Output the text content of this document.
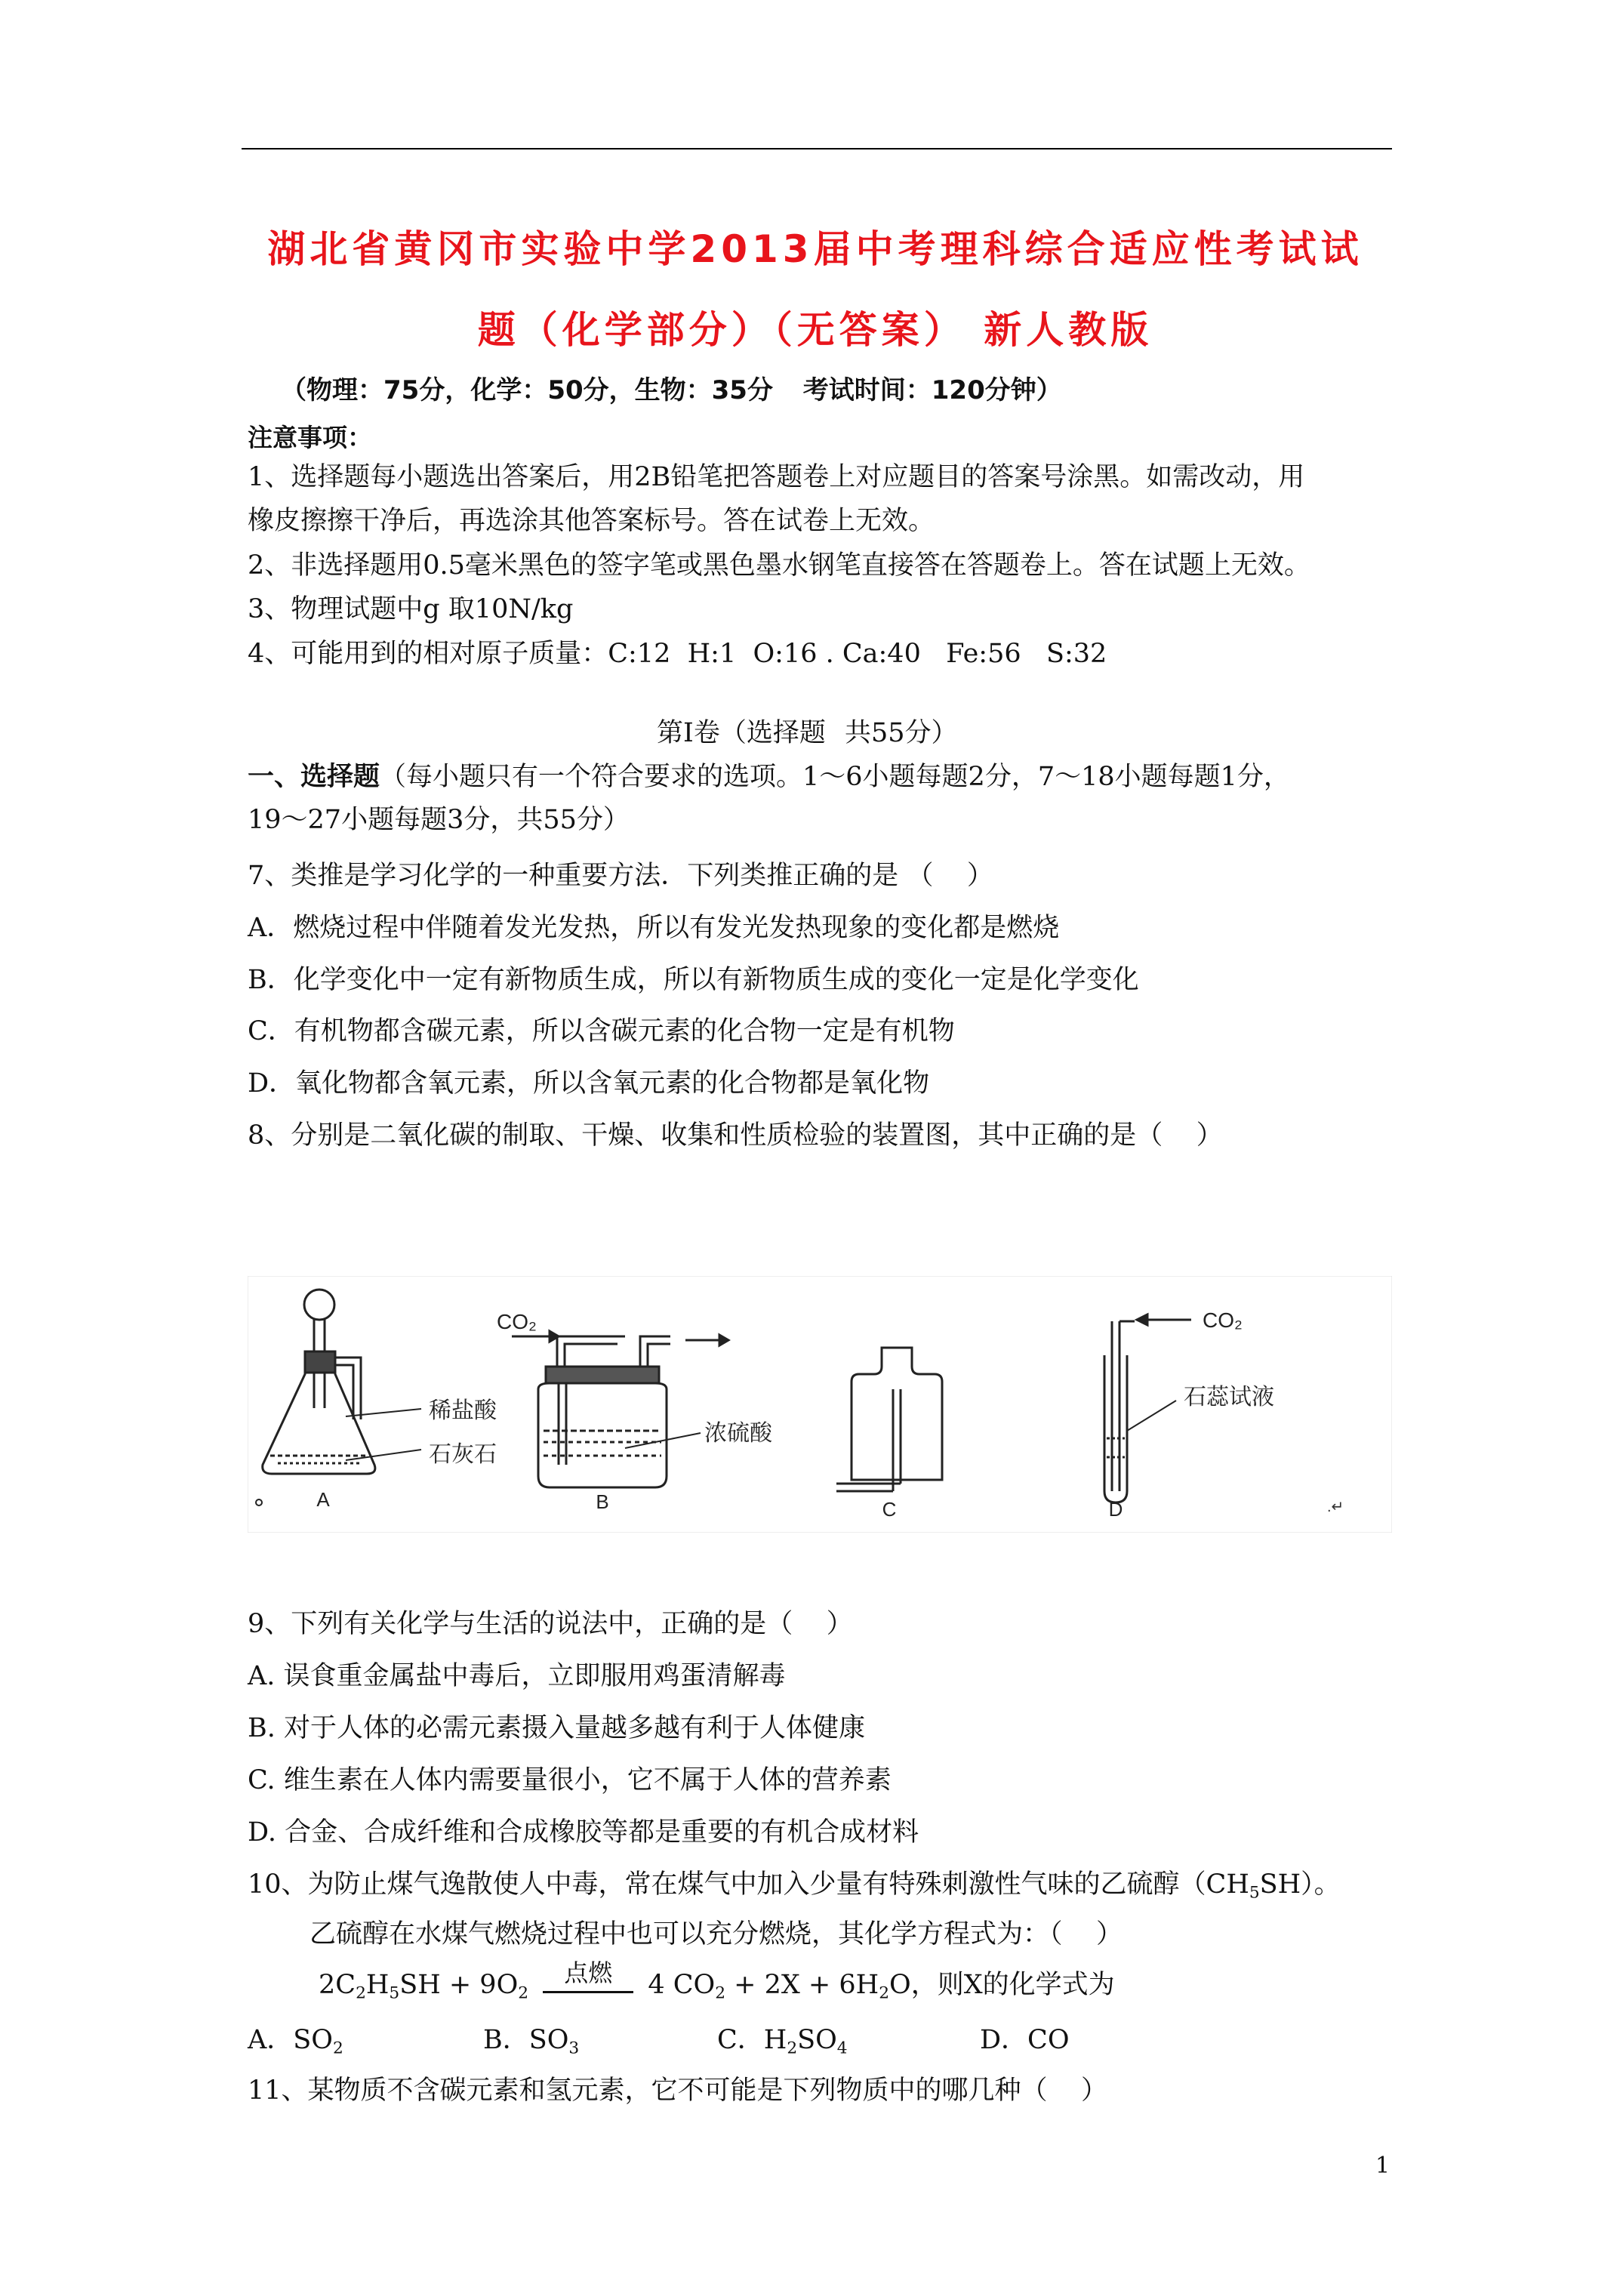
湖北省黄冈市实验中学2013届中考理科综合适应性考试试
题（化学部分）（无答案） 新人教版
（物理：75分，化学：50分，生物：35分 考试时间：120分钟）
注意事项：
1、选择题每小题选出答案后，用2B铅笔把答题卷上对应题目的答案号涂黑。如需改动，用
橡皮擦擦干净后，再选涂其他答案标号。答在试卷上无效。
2、非选择题用0.5毫米黑色的签字笔或黑色墨水钢笔直接答在答题卷上。答在试题上无效。
3、物理试题中g 取10N/kg
4、可能用到的相对原子质量：C:12  H:1  O:16 . Ca:40   Fe:56   S:32
第Ⅰ卷（选择题 共55分）
一、选择题（每小题只有一个符合要求的选项。1～6小题每题2分，7～18小题每题1分，
19～27小题每题3分，共55分）
7、类推是学习化学的一种重要方法．下列类推正确的是 （    ）
A．燃烧过程中伴随着发光发热，所以有发光发热现象的变化都是燃烧
B．化学变化中一定有新物质生成，所以有新物质生成的变化一定是化学变化
C．有机物都含碳元素，所以含碳元素的化合物一定是有机物
D．氧化物都含氧元素，所以含氧元素的化合物都是氧化物
8、分别是二氧化碳的制取、干燥、收集和性质检验的装置图，其中正确的是（    ）
稀盐酸
石灰石
A
CO₂
浓硫酸
B	C
CO₂
石蕊试液
D	.↵
9、下列有关化学与生活的说法中，正确的是（    ）
A. 误食重金属盐中毒后，立即服用鸡蛋清解毒
B. 对于人体的必需元素摄入量越多越有利于人体健康
C. 维生素在人体内需要量很小，它不属于人体的营养素
D. 合金、合成纤维和合成橡胶等都是重要的有机合成材料
10、为防止煤气逸散使人中毒，常在煤气中加入少量有特殊刺激性气味的乙硫醇$(CH_5SH)$。
乙硫醇在水煤气燃烧过程中也可以充分燃烧，其化学方程式为：（    ）
$2C_2H_5SH + 9O_2$
点燃	4 $CO_2 + 2X + 6H_2O$，则X的化学式为
A．$SO_2$	B．$SO_3$	C．$H_2SO_4$	D．CO
11、某物质不含碳元素和氢元素，它不可能是下列物质中的哪几种（    ）
1
